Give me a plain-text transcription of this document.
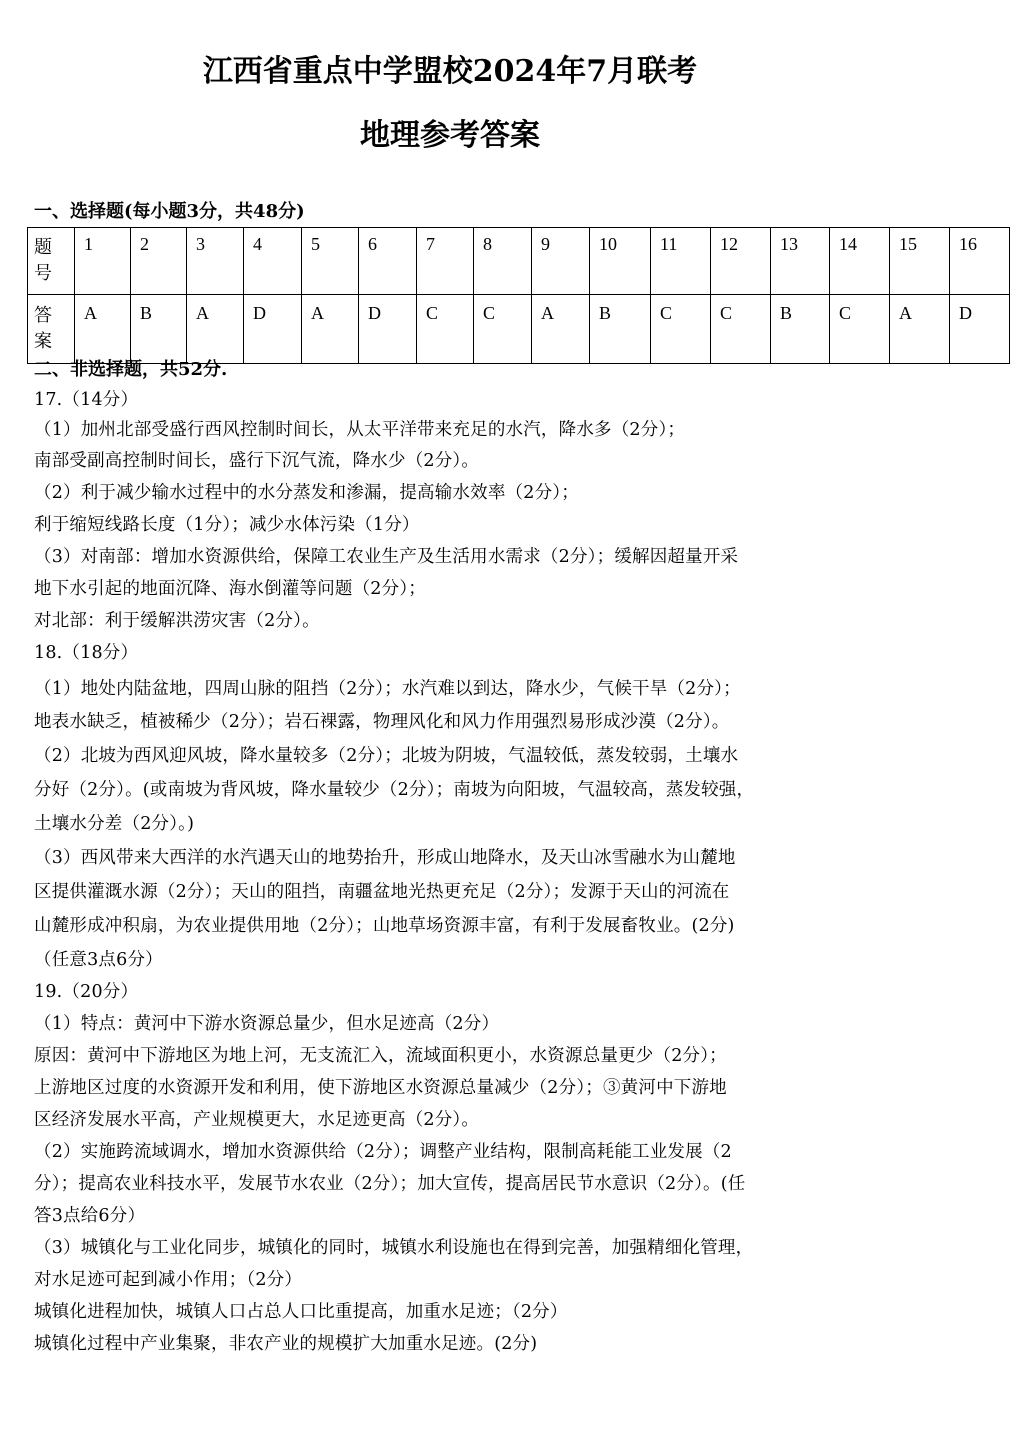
江西省重点中学盟校2024年7月联考
地理参考答案
一、选择题(每小题3分，共48分)
题
号	1	2	3	4	5	6	7	8	9	10	11	12	13	14	15	16

答
案	A	B	A	D	A	D	C	C	A	B	C	C	B	C	A	D
二、非选择题，共52分.
17.（14分）
（1）加州北部受盛行西风控制时间长，从太平洋带来充足的水汽，降水多（2分）；
南部受副高控制时间长，盛行下沉气流，降水少（2分）。
（2）利于减少输水过程中的水分蒸发和渗漏，提高输水效率（2分）；
利于缩短线路长度（1分）；减少水体污染（1分）
（3）对南部：增加水资源供给，保障工农业生产及生活用水需求（2分）；缓解因超量开采
地下水引起的地面沉降、海水倒灌等问题（2分）；
对北部：利于缓解洪涝灾害（2分）。
18.（18分）
（1）地处内陆盆地，四周山脉的阻挡（2分）；水汽难以到达，降水少，气候干旱（2分）；
地表水缺乏，植被稀少（2分）；岩石裸露，物理风化和风力作用强烈易形成沙漠（2分）。
（2）北坡为西风迎风坡，降水量较多（2分）；北坡为阴坡，气温较低，蒸发较弱，土壤水
分好（2分）。(或南坡为背风坡，降水量较少（2分）；南坡为向阳坡，气温较高，蒸发较强，
土壤水分差（2分）。)
（3）西风带来大西洋的水汽遇天山的地势抬升，形成山地降水，及天山冰雪融水为山麓地
区提供灌溉水源（2分）；天山的阻挡，南疆盆地光热更充足（2分）；发源于天山的河流在
山麓形成冲积扇，为农业提供用地（2分）；山地草场资源丰富，有利于发展畜牧业。(2分)
（任意3点6分）
19.（20分）
（1）特点：黄河中下游水资源总量少，但水足迹高（2分）
原因：黄河中下游地区为地上河，无支流汇入，流域面积更小，水资源总量更少（2分）；
上游地区过度的水资源开发和利用，使下游地区水资源总量减少（2分）；③黄河中下游地
区经济发展水平高，产业规模更大，水足迹更高（2分）。
（2）实施跨流域调水，增加水资源供给（2分）；调整产业结构，限制高耗能工业发展（2
分）；提高农业科技水平，发展节水农业（2分）；加大宣传，提高居民节水意识（2分）。(任
答3点给6分）
（3）城镇化与工业化同步，城镇化的同时，城镇水利设施也在得到完善，加强精细化管理，
对水足迹可起到减小作用；（2分）
城镇化进程加快，城镇人口占总人口比重提高，加重水足迹；（2分）
城镇化过程中产业集聚，非农产业的规模扩大加重水足迹。(2分)
